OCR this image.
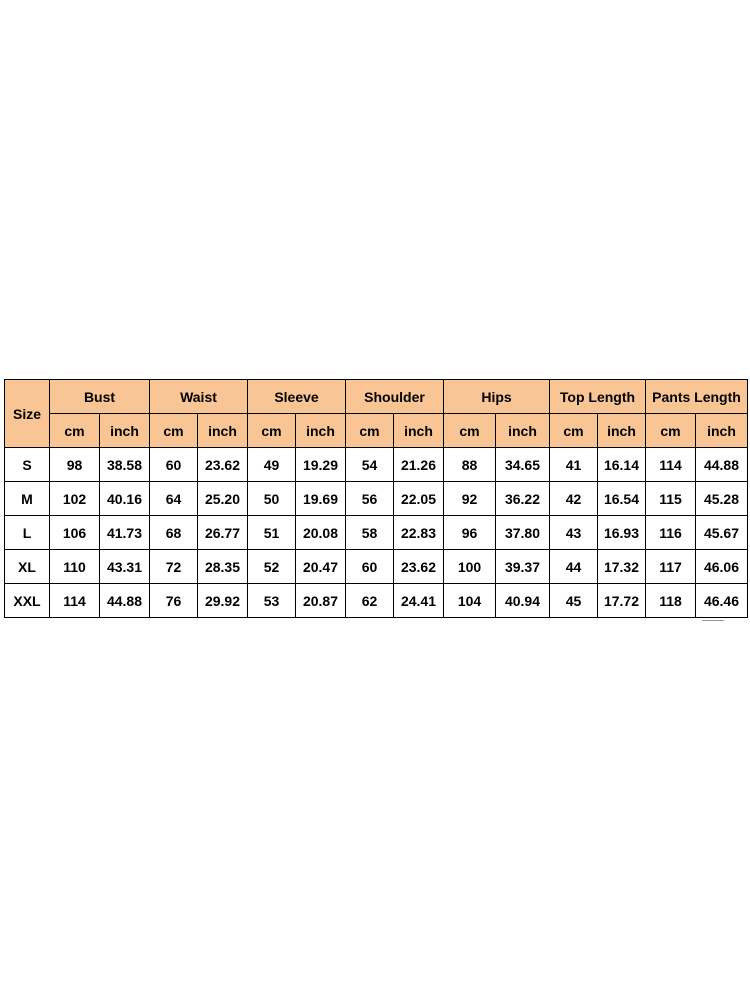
Size	Bust		Waist		Sleeve		Shoulder		Hips		Top Length		Pants Length	
	cm	inch	cm	inch	cm	inch	cm	inch	cm	inch	cm	inch	cm	inch
S	98	38.58	60	23.62	49	19.29	54	21.26	88	34.65	41	16.14	114	44.88
M	102	40.16	64	25.20	50	19.69	56	22.05	92	36.22	42	16.54	115	45.28
L	106	41.73	68	26.77	51	20.08	58	22.83	96	37.80	43	16.93	116	45.67
XL	110	43.31	72	28.35	52	20.47	60	23.62	100	39.37	44	17.32	117	46.06
XXL	114	44.88	76	29.92	53	20.87	62	24.41	104	40.94	45	17.72	118	46.46
